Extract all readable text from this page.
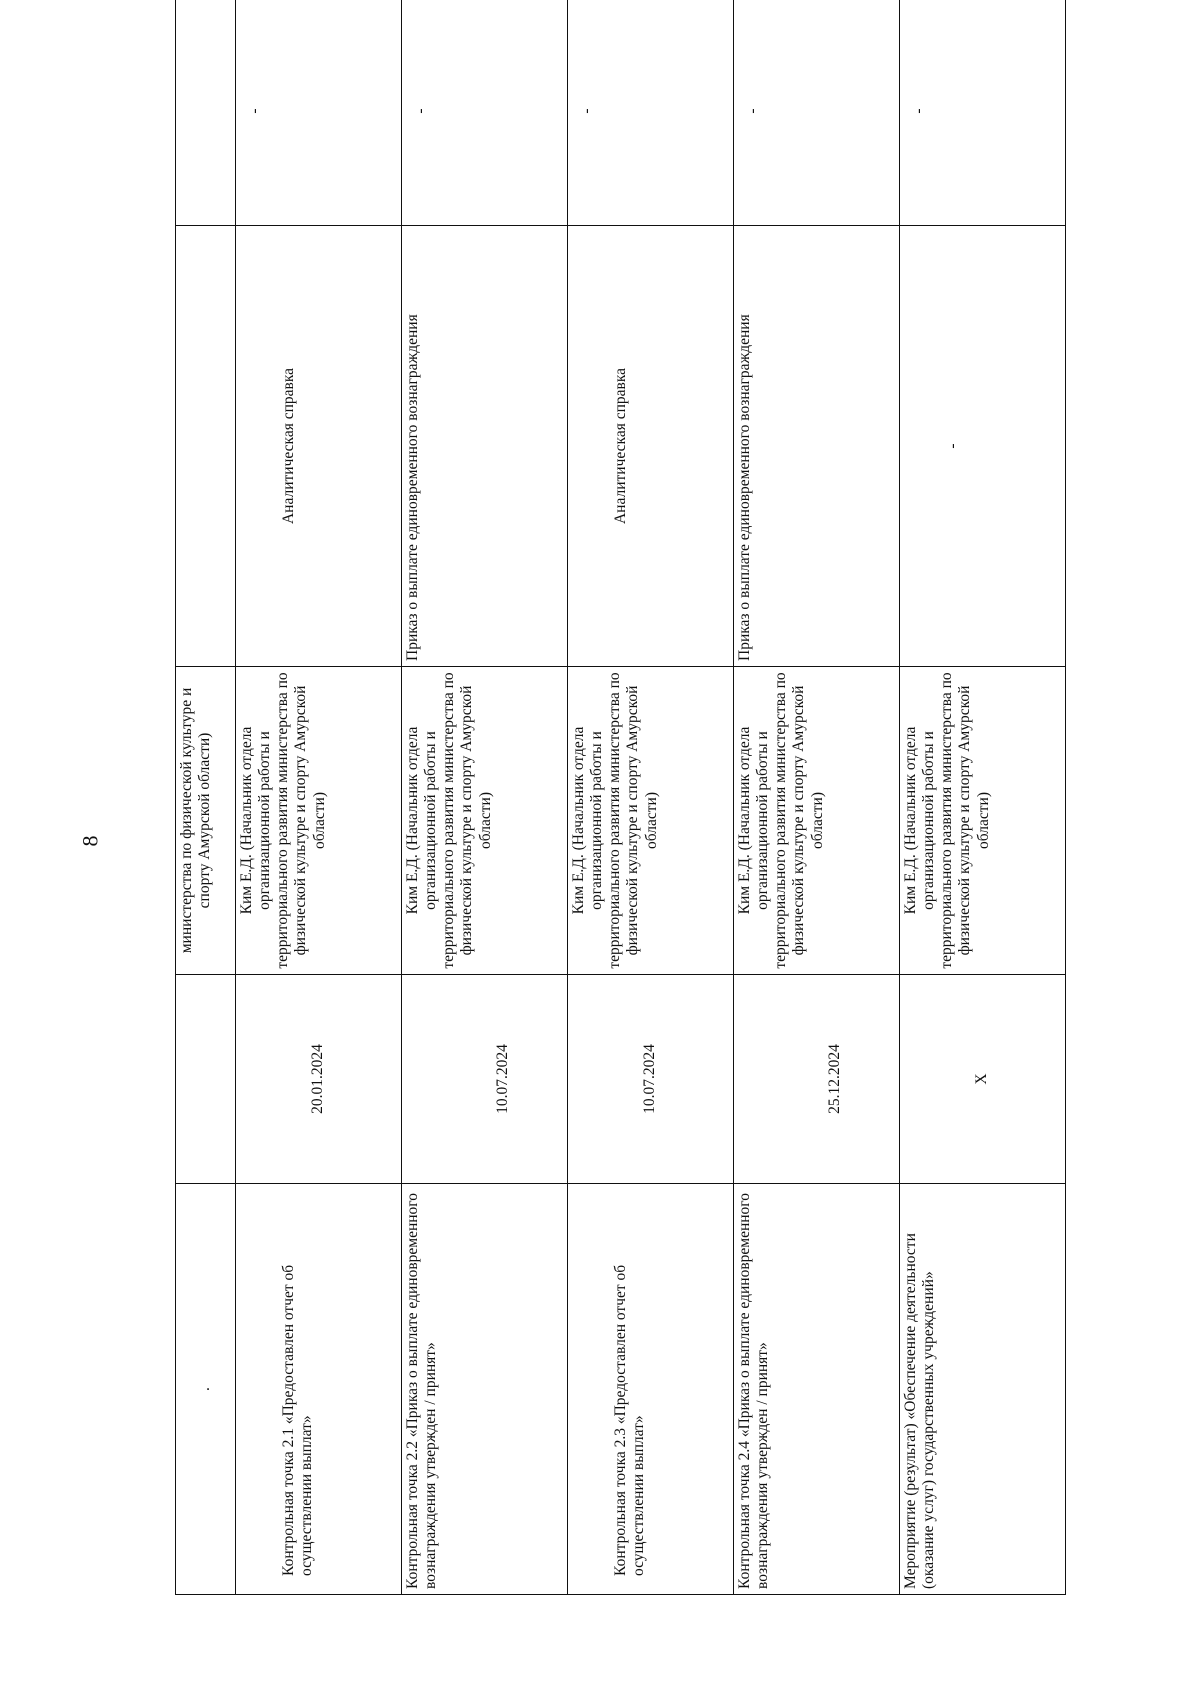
8
.		министерства по физической культуре и спорту Амурской области)		
Контрольная точка 2.1 «Предоставлен отчет об осуществлении выплат»	20.01.2024	Ким Е.Д. (Начальник отдела организационной работы и территориального развития министерства по физической культуре и спорту Амурской области)	Аналитическая справка	-
Контрольная точка 2.2 «Приказ о выплате единовременного вознаграждения утвержден / принят»	10.07.2024	Ким Е.Д. (Начальник отдела организационной работы и территориального развития министерства по физической культуре и спорту Амурской области)	Приказ о выплате единовременного вознаграждения	-
Контрольная точка 2.3 «Предоставлен отчет об осуществлении выплат»	10.07.2024	Ким Е.Д. (Начальник отдела организационной работы и территориального развития министерства по физической культуре и спорту Амурской области)	Аналитическая справка	-
Контрольная точка 2.4 «Приказ о выплате единовременного вознаграждения утвержден / принят»	25.12.2024	Ким Е.Д. (Начальник отдела организационной работы и территориального развития министерства по физической культуре и спорту Амурской области)	Приказ о выплате единовременного вознаграждения	-
Мероприятие (результат) «Обеспечение деятельности (оказание услуг) государственных учреждений»	Х	Ким Е.Д. (Начальник отдела организационной работы и территориального развития министерства по физической культуре и спорту Амурской области)	-	-
